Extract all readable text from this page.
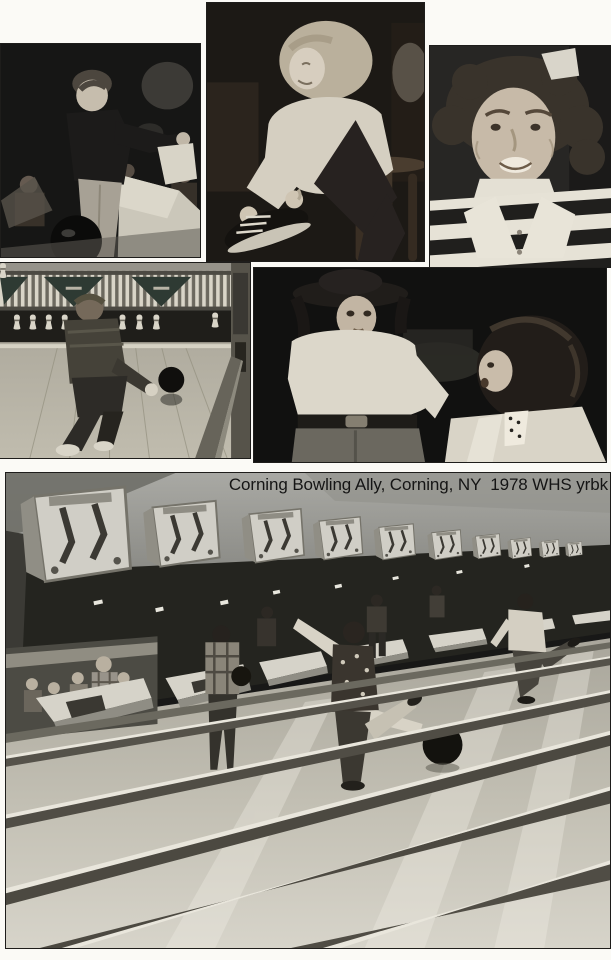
Corning Bowling Ally, Corning, NY  1978 WHS yrbk
